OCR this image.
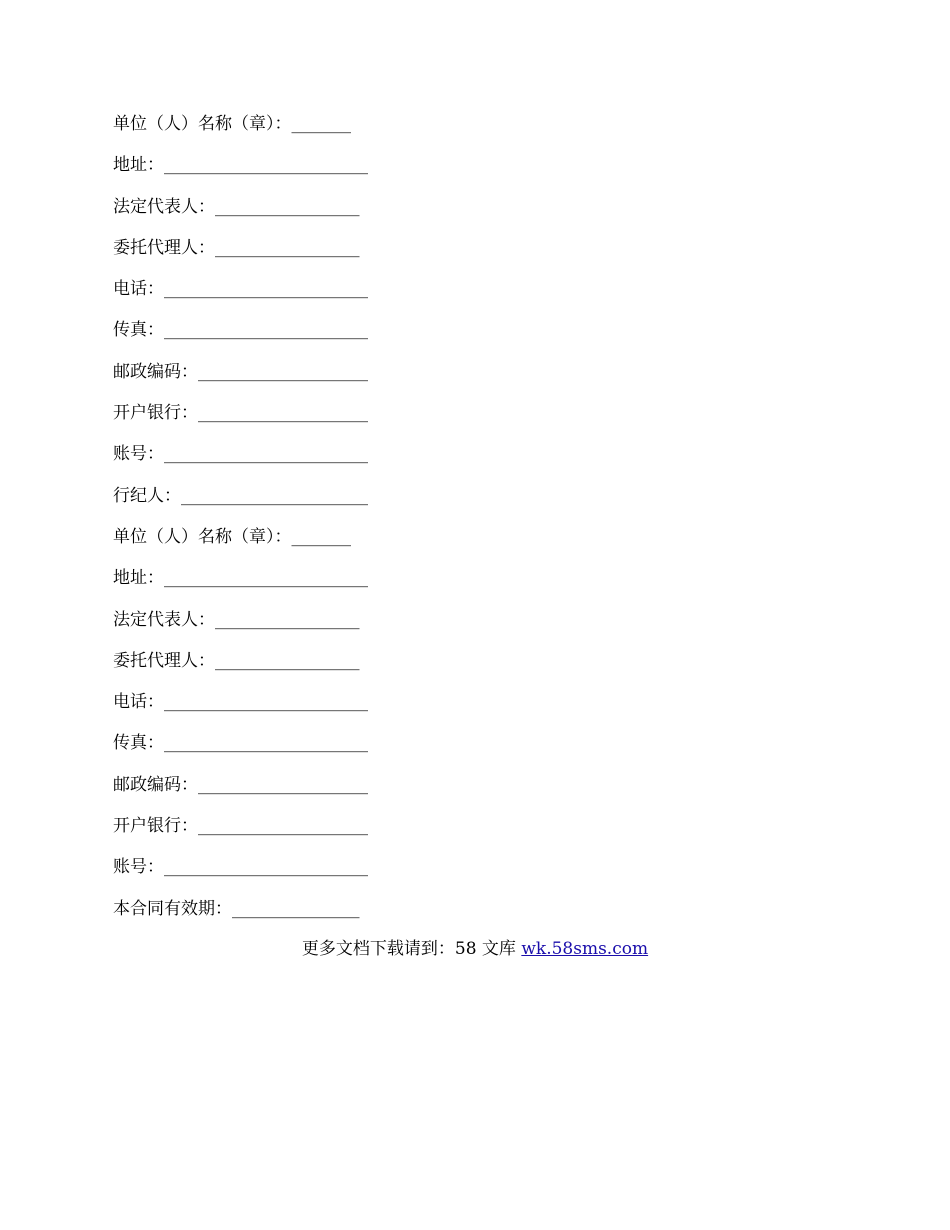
单位（人）名称（章）： _______
地址： ________________________
法定代表人： _________________
委托代理人： _________________
电话： ________________________
传真： ________________________
邮政编码： ____________________
开户银行： ____________________
账号： ________________________
行纪人： ______________________
单位（人）名称（章）： _______
地址： ________________________
法定代表人： _________________
委托代理人： _________________
电话： ________________________
传真： ________________________
邮政编码： ____________________
开户银行： ____________________
账号： ________________________
本合同有效期： _______________
更多文档下载请到：58 文库 wk.58sms.com
